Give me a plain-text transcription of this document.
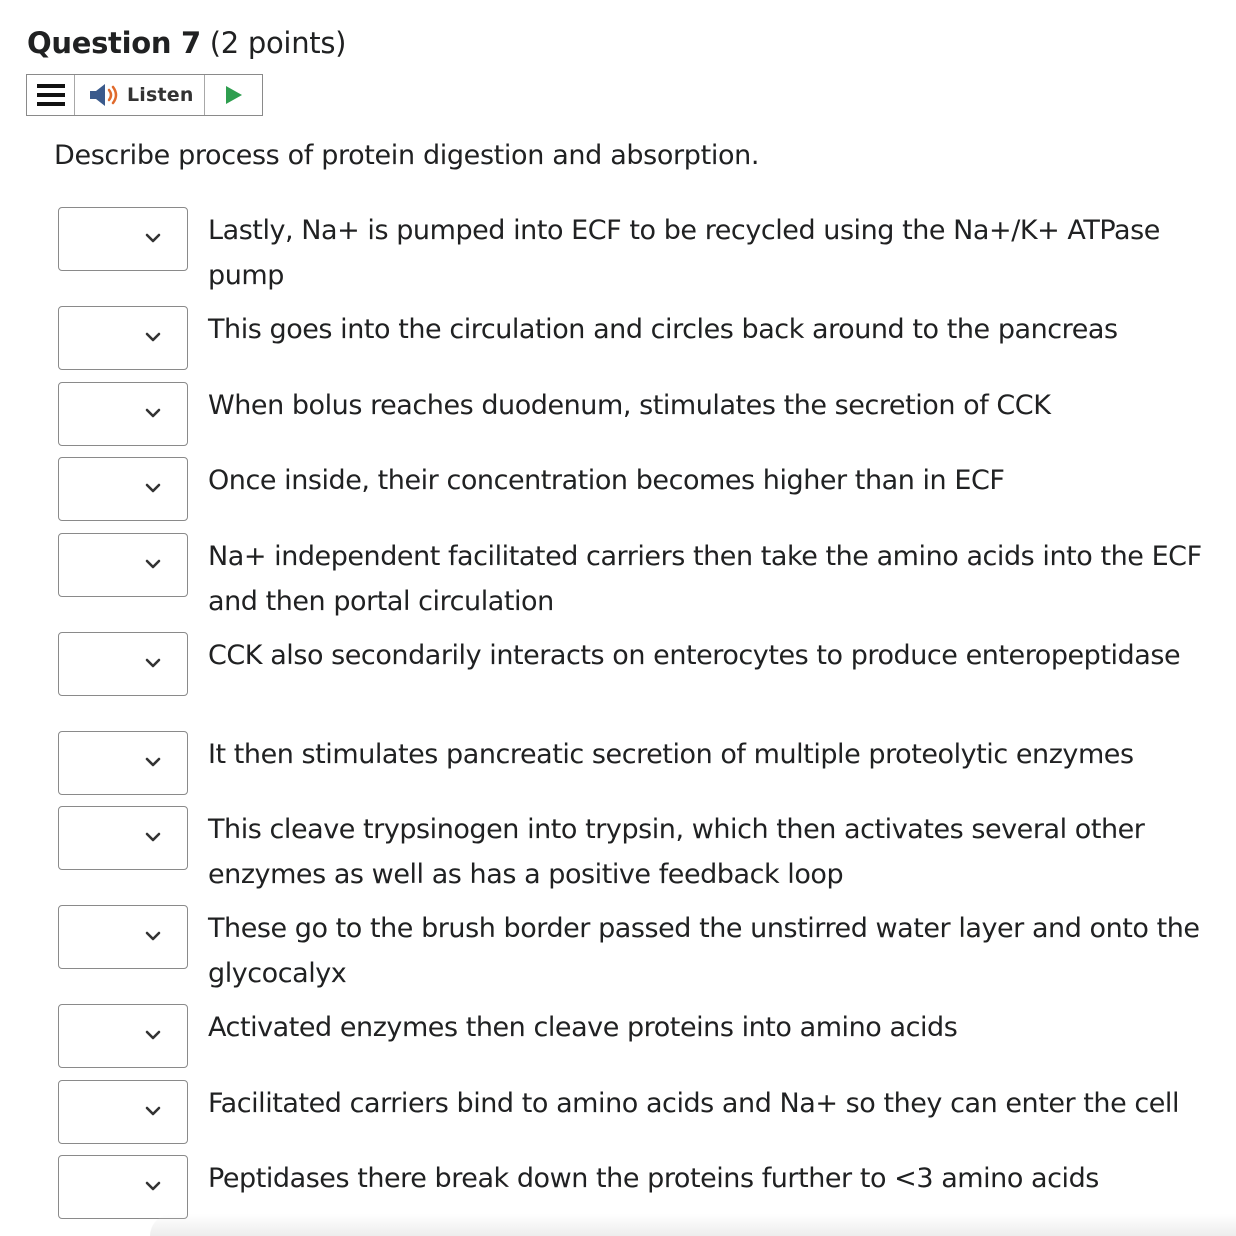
Question 7 (2 points)
Listen
Describe process of protein digestion and absorption.
Lastly, Na+ is pumped into ECF to be recycled using the Na+/K+ ATPase pump
This goes into the circulation and circles back around to the pancreas
When bolus reaches duodenum, stimulates the secretion of CCK
Once inside, their concentration becomes higher than in ECF
Na+ independent facilitated carriers then take the amino acids into the ECF and then portal circulation
CCK also secondarily interacts on enterocytes to produce enteropeptidase
It then stimulates pancreatic secretion of multiple proteolytic enzymes
This cleave trypsinogen into trypsin, which then activates several other enzymes as well as has a positive feedback loop
These go to the brush border passed the unstirred water layer and onto the glycocalyx
Activated enzymes then cleave proteins into amino acids
Facilitated carriers bind to amino acids and Na+ so they can enter the cell
Peptidases there break down the proteins further to <3 amino acids
